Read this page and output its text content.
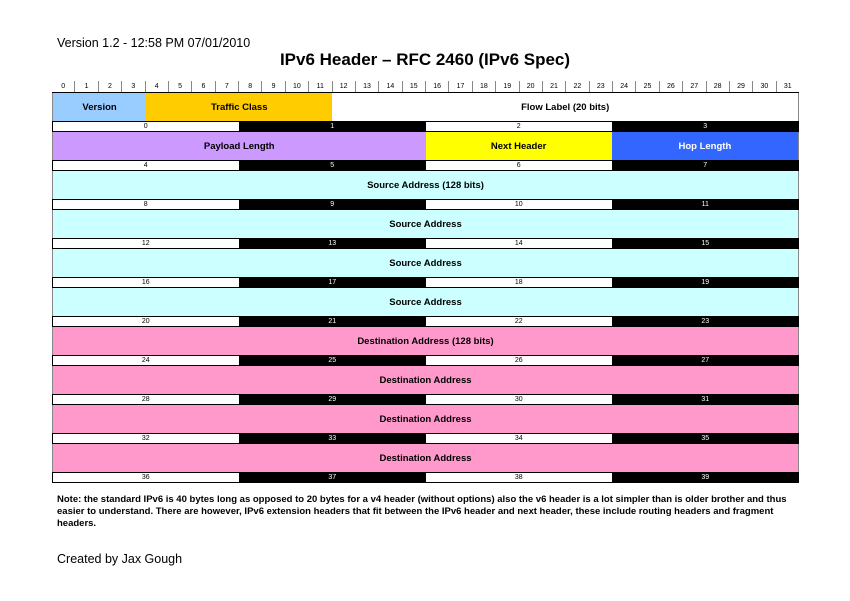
Version 1.2 - 12:58 PM 07/01/2010
IPv6 Header – RFC 2460 (IPv6 Spec)
0	1	2	3	4	5	6	7	8	9	10	11	12	13	14	15	16	17	18	19	20	21	22	23	24	25	26	27	28	29	30	31
Version	Traffic Class	Flow Label (20 bits)
0	1	2	3
Payload Length	Next Header	Hop Length
4	5	6	7
Source Address (128 bits)
8	9	10	11
Source Address
12	13	14	15
Source Address
16	17	18	19
Source Address
20	21	22	23
Destination Address (128 bits)
24	25	26	27
Destination Address
28	29	30	31
Destination Address
32	33	34	35
Destination Address
36	37	38	39
Note: the standard IPv6 is 40 bytes long as opposed to 20 bytes for a v4 header (without options) also the v6 header is a lot simpler than is older brother and thus easier to understand. There are however, IPv6 extension headers that fit between the IPv6 header and next header, these include routing headers and fragment headers.
Created by Jax Gough
